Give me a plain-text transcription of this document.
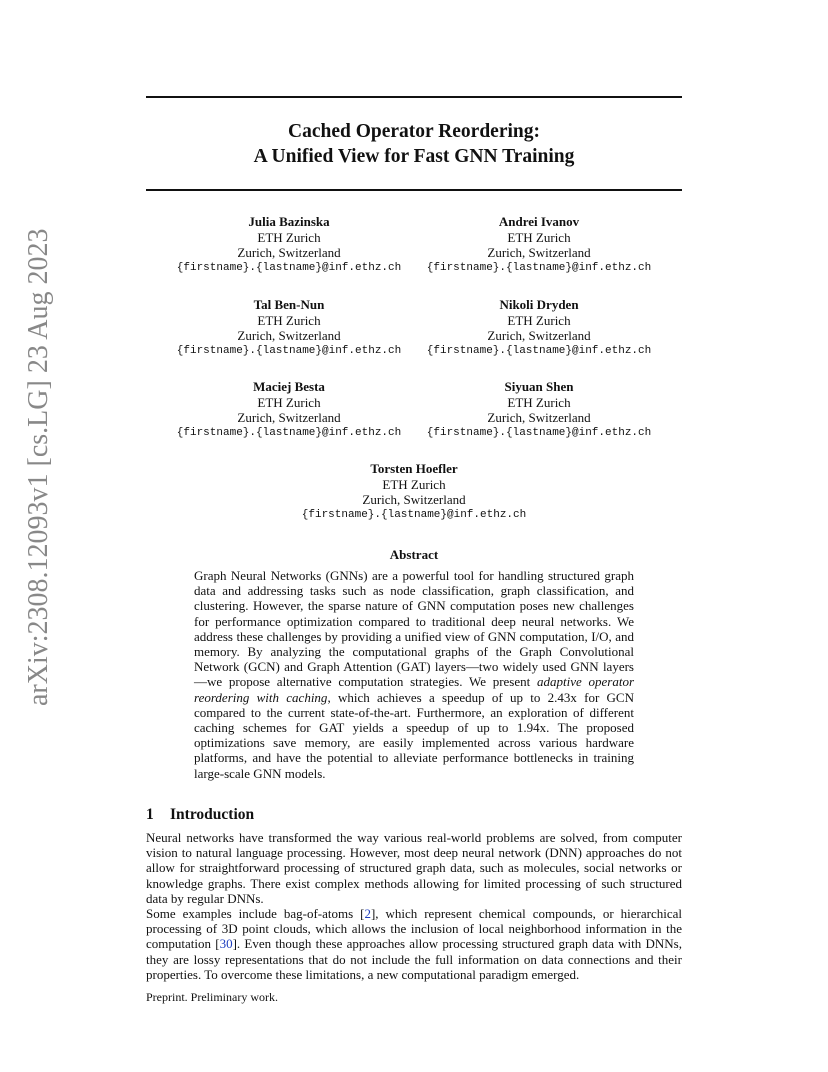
arXiv:2308.12093v1 [cs.LG] 23 Aug 2023
Cached Operator Reordering:
A Unified View for Fast GNN Training
Julia Bazinska
ETH Zurich
Zurich, Switzerland
{firstname}.{lastname}@inf.ethz.ch
Andrei Ivanov
ETH Zurich
Zurich, Switzerland
{firstname}.{lastname}@inf.ethz.ch
Tal Ben-Nun
ETH Zurich
Zurich, Switzerland
{firstname}.{lastname}@inf.ethz.ch
Nikoli Dryden
ETH Zurich
Zurich, Switzerland
{firstname}.{lastname}@inf.ethz.ch
Maciej Besta
ETH Zurich
Zurich, Switzerland
{firstname}.{lastname}@inf.ethz.ch
Siyuan Shen
ETH Zurich
Zurich, Switzerland
{firstname}.{lastname}@inf.ethz.ch
Torsten Hoefler
ETH Zurich
Zurich, Switzerland
{firstname}.{lastname}@inf.ethz.ch
Abstract
Graph Neural Networks (GNNs) are a powerful tool for handling structured graph data and addressing tasks such as node classification, graph classification, and clustering. However, the sparse nature of GNN computation poses new challenges for performance optimization compared to traditional deep neural networks. We address these challenges by providing a unified view of GNN computation, I/O, and memory. By analyzing the computational graphs of the Graph Convolutional Network (GCN) and Graph Attention (GAT) layers—two widely used GNN layers—we propose alternative computation strategies. We present adaptive operator reordering with caching, which achieves a speedup of up to 2.43x for GCN compared to the current state-of-the-art. Furthermore, an exploration of different caching schemes for GAT yields a speedup of up to 1.94x. The proposed optimizations save memory, are easily implemented across various hardware platforms, and have the potential to alleviate performance bottlenecks in training large-scale GNN models.
1 Introduction
Neural networks have transformed the way various real-world problems are solved, from computer vision to natural language processing. However, most deep neural network (DNN) approaches do not allow for straightforward processing of structured graph data, such as molecules, social networks or knowledge graphs. There exist complex methods allowing for limited processing of such structured data by regular DNNs.
Some examples include bag-of-atoms [2], which represent chemical compounds, or hierarchical processing of 3D point clouds, which allows the inclusion of local neighborhood information in the computation [30]. Even though these approaches allow processing structured graph data with DNNs, they are lossy representations that do not include the full information on data connections and their properties. To overcome these limitations, a new computational paradigm emerged.
Preprint. Preliminary work.
